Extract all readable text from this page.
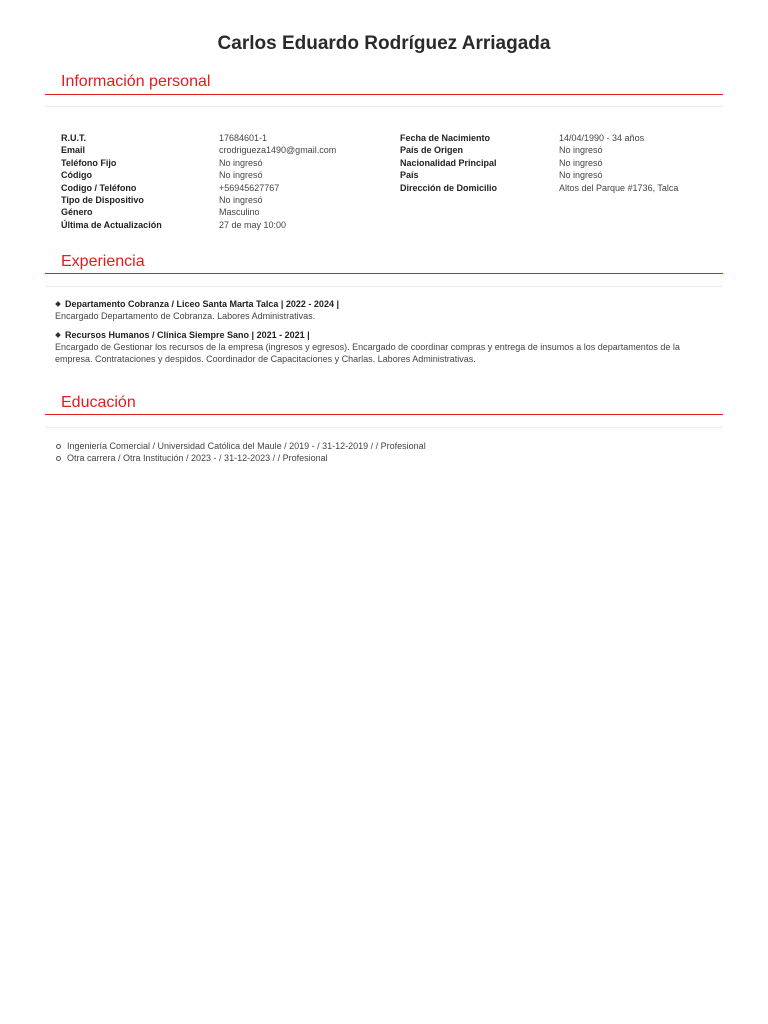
Carlos Eduardo Rodríguez Arriagada
Información personal
R.U.T.	17684601-1
Email	crodrigueza1490@gmail.com
Teléfono Fijo	No ingresó
Código	No ingresó
Codigo / Teléfono	+56945627767
Tipo de Dispositivo	No ingresó
Género	Masculino
Última de Actualización	27 de may 10:00
Fecha de Nacimiento	14/04/1990 - 34 años
País de Origen	No ingresó
Nacionalidad Principal	No ingresó
País	No ingresó
Dirección de Domicilio	Altos del Parque #1736, Talca
Experiencia
Departamento Cobranza / Liceo Santa Marta Talca | 2022 - 2024 |
Encargado Departamento de Cobranza. Labores Administrativas.
Recursos Humanos / Clínica Siempre Sano | 2021 - 2021 |
Encargado de Gestionar los recursos de la empresa (ingresos y egresos). Encargado de coordinar compras y entrega de insumos a los departamentos de la empresa. Contrataciones y despidos. Coordinador de Capacitaciones y Charlas. Labores Administrativas.
Educación
Ingeniería Comercial / Universidad Católica del Maule / 2019 - / 31-12-2019 / / Profesional
Otra carrera / Otra Institución / 2023 - / 31-12-2023 / / Profesional
